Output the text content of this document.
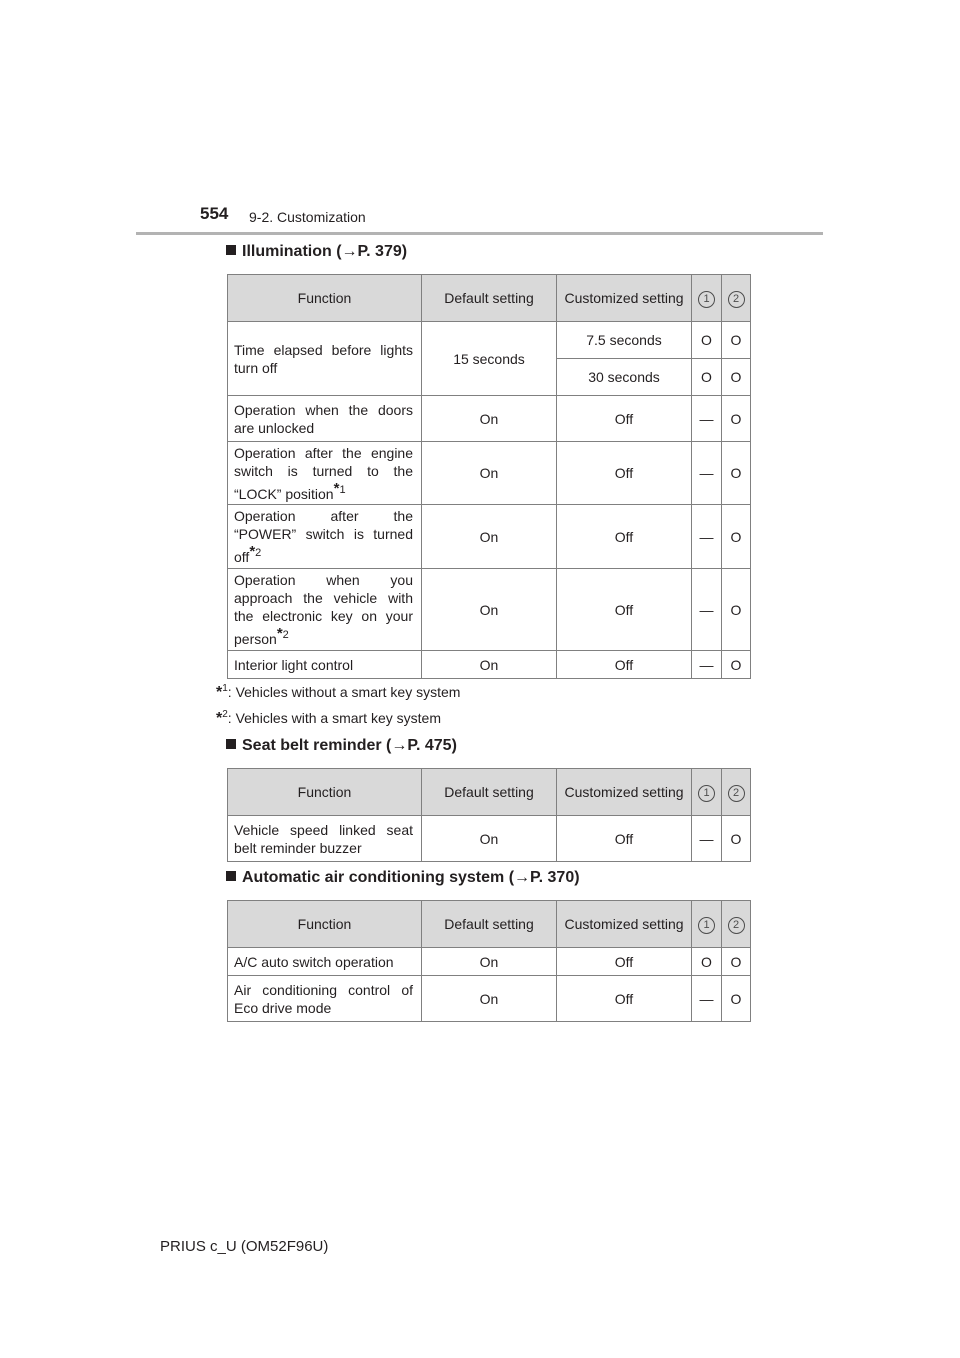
554 9-2. Customization
Illumination (→P. 379)
Function	Default setting	Customized setting	1	2
Time elapsed before lights turn off	15 seconds	7.5 seconds	O	O
		30 seconds	O	O
Operation when the doors are unlocked	On	Off	—	O
Operation after the engine switch is turned to the “LOCK” position$^{*1}$	On	Off	—	O
Operation after the “POWER” switch is turned off$^{*2}$	On	Off	—	O
Operation when you approach the vehicle with the electronic key on your person$^{*2}$	On	Off	—	O
Interior light control	On	Off	—	O
*$^1$: Vehicles without a smart key system
*$^2$: Vehicles with a smart key system
Seat belt reminder (→P. 475)
Function	Default setting	Customized setting	1	2
Vehicle speed linked seat belt reminder buzzer	On	Off	—	O
Automatic air conditioning system (→P. 370)
Function	Default setting	Customized setting	1	2
A/C auto switch operation	On	Off	O	O
Air conditioning control of Eco drive mode	On	Off	—	O
PRIUS c_U (OM52F96U)
